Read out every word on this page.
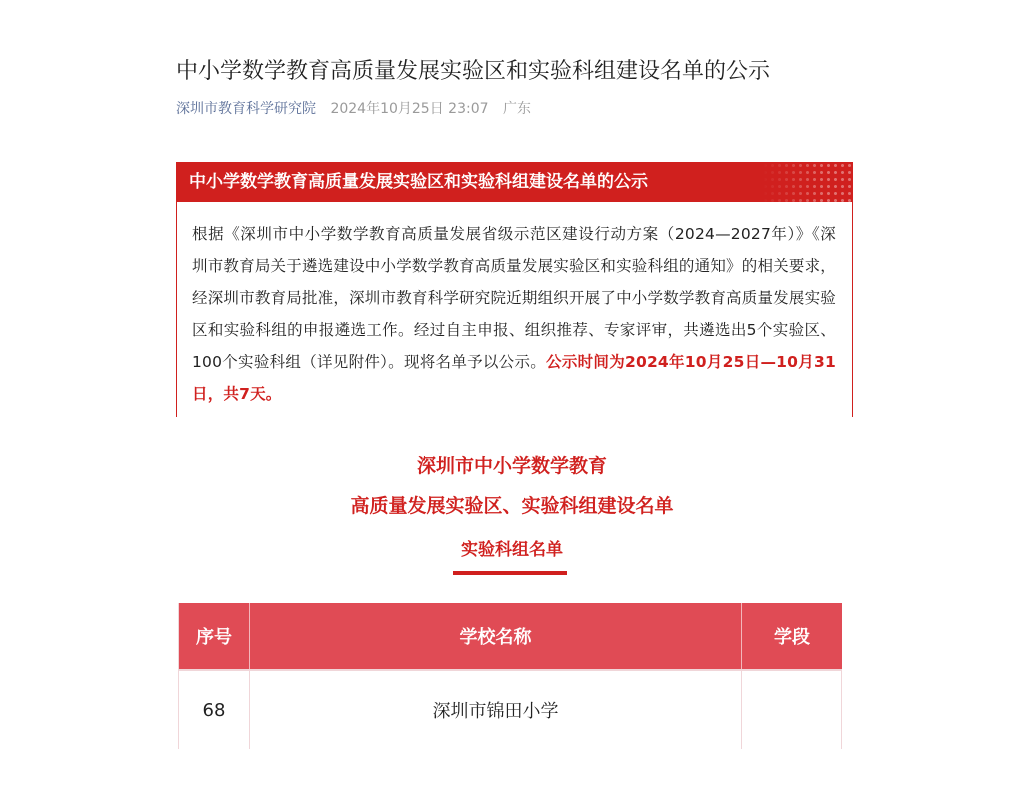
中小学数学教育高质量发展实验区和实验科组建设名单的公示
深圳市教育科学研究院 2024年10月25日 23:07 广东
中小学数学教育高质量发展实验区和实验科组建设名单的公示
根据《深圳市中小学数学教育高质量发展省级示范区建设行动方案（2024—2027年）》《深圳市教育局关于遴选建设中小学数学教育高质量发展实验区和实验科组的通知》的相关要求，经深圳市教育局批准，深圳市教育科学研究院近期组织开展了中小学数学教育高质量发展实验区和实验科组的申报遴选工作。经过自主申报、组织推荐、专家评审，共遴选出5个实验区、100个实验科组（详见附件）。现将名单予以公示。公示时间为2024年10月25日—10月31日，共7天。
深圳市中小学数学教育
高质量发展实验区、实验科组建设名单
实验科组名单
序号	学校名称	学段
68	深圳市锦田小学
